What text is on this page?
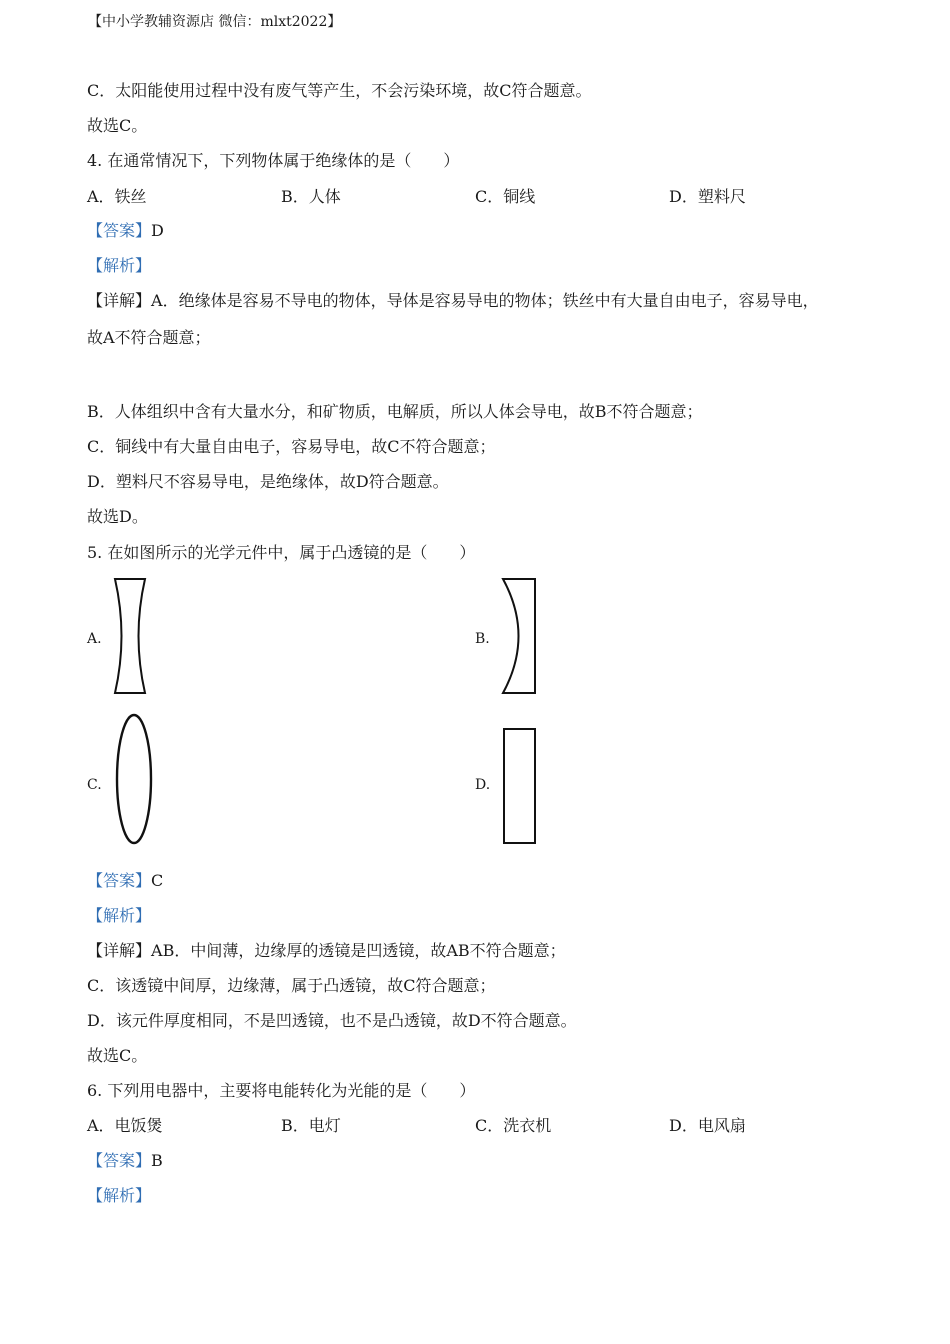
【中小学教辅资源店 微信：mlxt2022】
C．太阳能使用过程中没有废气等产生，不会污染环境，故C符合题意。
故选C。
4. 在通常情况下，下列物体属于绝缘体的是（　　）
A．铁丝	B．人体	C．铜线	D．塑料尺
【答案】D
【解析】
【详解】A．绝缘体是容易不导电的物体，导体是容易导电的物体；铁丝中有大量自由电子，容易导电，
故A不符合题意；
B．人体组织中含有大量水分，和矿物质，电解质，所以人体会导电，故B不符合题意；
C．铜线中有大量自由电子，容易导电，故C不符合题意；
D．塑料尺不容易导电，是绝缘体，故D符合题意。
故选D。
5. 在如图所示的光学元件中，属于凸透镜的是（　　）
A.	B.
C.	D.
【答案】C
【解析】
【详解】AB．中间薄，边缘厚的透镜是凹透镜，故AB不符合题意；
C．该透镜中间厚，边缘薄，属于凸透镜，故C符合题意；
D．该元件厚度相同，不是凹透镜，也不是凸透镜，故D不符合题意。
故选C。
6. 下列用电器中，主要将电能转化为光能的是（　　）
A．电饭煲	B．电灯	C．洗衣机	D．电风扇
【答案】B
【解析】
